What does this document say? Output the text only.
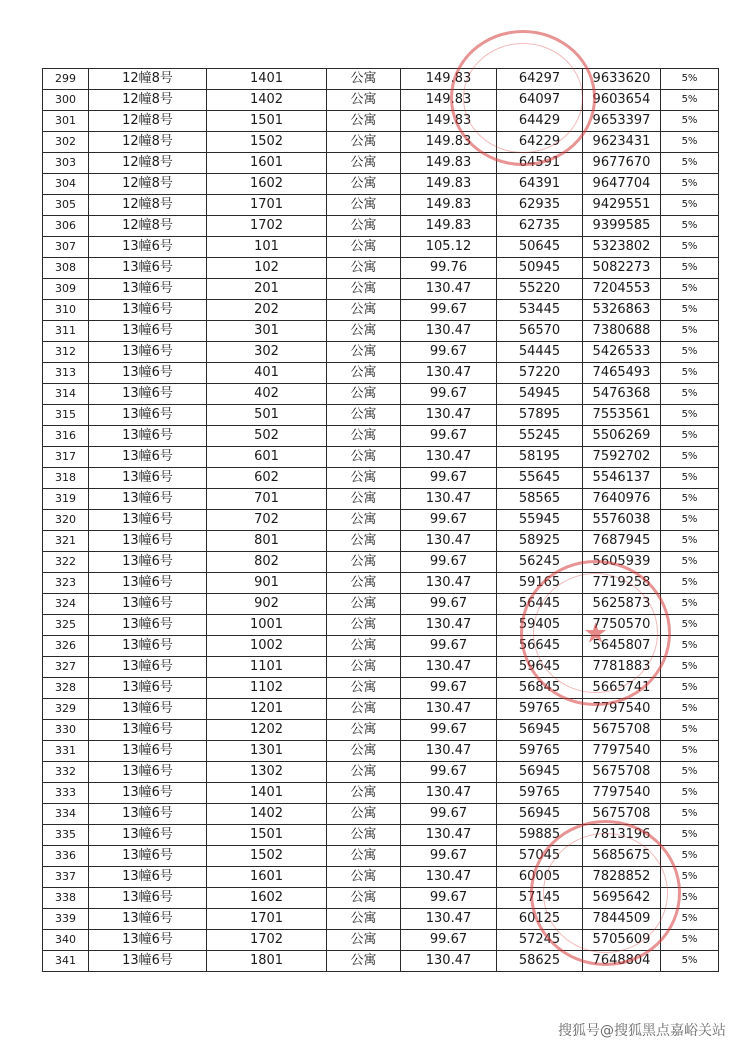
299	12幢8号	1401	公寓	149.83	64297	9633620	5%
300	12幢8号	1402	公寓	149.83	64097	9603654	5%
301	12幢8号	1501	公寓	149.83	64429	9653397	5%
302	12幢8号	1502	公寓	149.83	64229	9623431	5%
303	12幢8号	1601	公寓	149.83	64591	9677670	5%
304	12幢8号	1602	公寓	149.83	64391	9647704	5%
305	12幢8号	1701	公寓	149.83	62935	9429551	5%
306	12幢8号	1702	公寓	149.83	62735	9399585	5%
307	13幢6号	101	公寓	105.12	50645	5323802	5%
308	13幢6号	102	公寓	99.76	50945	5082273	5%
309	13幢6号	201	公寓	130.47	55220	7204553	5%
310	13幢6号	202	公寓	99.67	53445	5326863	5%
311	13幢6号	301	公寓	130.47	56570	7380688	5%
312	13幢6号	302	公寓	99.67	54445	5426533	5%
313	13幢6号	401	公寓	130.47	57220	7465493	5%
314	13幢6号	402	公寓	99.67	54945	5476368	5%
315	13幢6号	501	公寓	130.47	57895	7553561	5%
316	13幢6号	502	公寓	99.67	55245	5506269	5%
317	13幢6号	601	公寓	130.47	58195	7592702	5%
318	13幢6号	602	公寓	99.67	55645	5546137	5%
319	13幢6号	701	公寓	130.47	58565	7640976	5%
320	13幢6号	702	公寓	99.67	55945	5576038	5%
321	13幢6号	801	公寓	130.47	58925	7687945	5%
322	13幢6号	802	公寓	99.67	56245	5605939	5%
323	13幢6号	901	公寓	130.47	59165	7719258	5%
324	13幢6号	902	公寓	99.67	56445	5625873	5%
325	13幢6号	1001	公寓	130.47	59405	7750570	5%
326	13幢6号	1002	公寓	99.67	56645	5645807	5%
327	13幢6号	1101	公寓	130.47	59645	7781883	5%
328	13幢6号	1102	公寓	99.67	56845	5665741	5%
329	13幢6号	1201	公寓	130.47	59765	7797540	5%
330	13幢6号	1202	公寓	99.67	56945	5675708	5%
331	13幢6号	1301	公寓	130.47	59765	7797540	5%
332	13幢6号	1302	公寓	99.67	56945	5675708	5%
333	13幢6号	1401	公寓	130.47	59765	7797540	5%
334	13幢6号	1402	公寓	99.67	56945	5675708	5%
335	13幢6号	1501	公寓	130.47	59885	7813196	5%
336	13幢6号	1502	公寓	99.67	57045	5685675	5%
337	13幢6号	1601	公寓	130.47	60005	7828852	5%
338	13幢6号	1602	公寓	99.67	57145	5695642	5%
339	13幢6号	1701	公寓	130.47	60125	7844509	5%
340	13幢6号	1702	公寓	99.67	57245	5705609	5%
341	13幢6号	1801	公寓	130.47	58625	7648804	5%
★
搜狐号@搜狐黑点嘉峪关站
